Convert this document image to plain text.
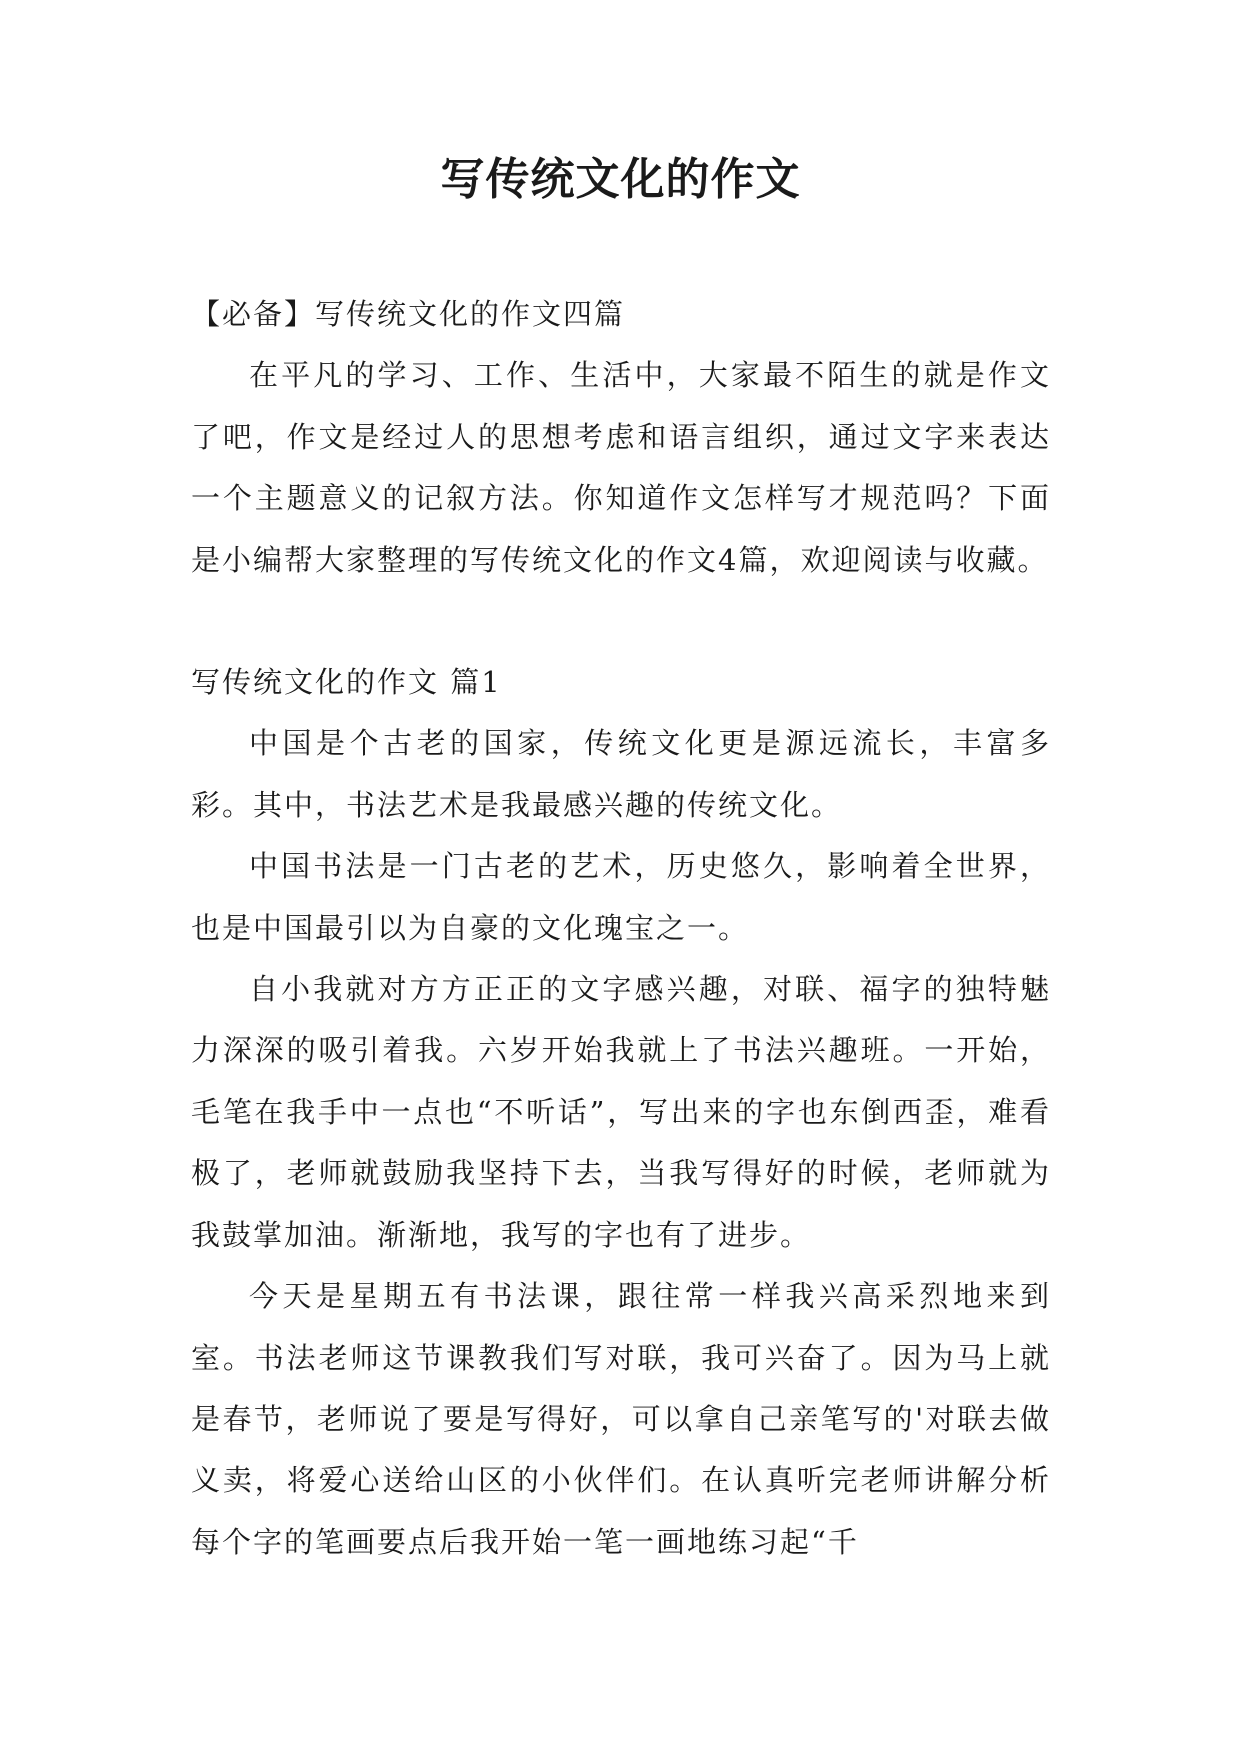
写传统文化的作文

【必备】写传统文化的作文四篇

在平凡的学习、工作、生活中，大家最不陌生的就是作文了吧，作文是经过人的思想考虑和语言组织，通过文字来表达一个主题意义的记叙方法。你知道作文怎样写才规范吗？下面是小编帮大家整理的写传统文化的作文4篇，欢迎阅读与收藏。

写传统文化的作文 篇1

中国是个古老的国家，传统文化更是源远流长，丰富多彩。其中，书法艺术是我最感兴趣的传统文化。

中国书法是一门古老的艺术，历史悠久，影响着全世界，也是中国最引以为自豪的文化瑰宝之一。

自小我就对方方正正的文字感兴趣，对联、福字的独特魅力深深的吸引着我。六岁开始我就上了书法兴趣班。一开始，毛笔在我手中一点也“不听话”，写出来的字也东倒西歪，难看极了，老师就鼓励我坚持下去，当我写得好的时候，老师就为我鼓掌加油。渐渐地，我写的字也有了进步。

今天是星期五有书法课，跟往常一样我兴高采烈地来到室。书法老师这节课教我们写对联，我可兴奋了。因为马上就是春节，老师说了要是写得好，可以拿自己亲笔写的'对联去做义卖，将爱心送给山区的小伙伴们。在认真听完老师讲解分析每个字的笔画要点后我开始一笔一画地练习起“千
